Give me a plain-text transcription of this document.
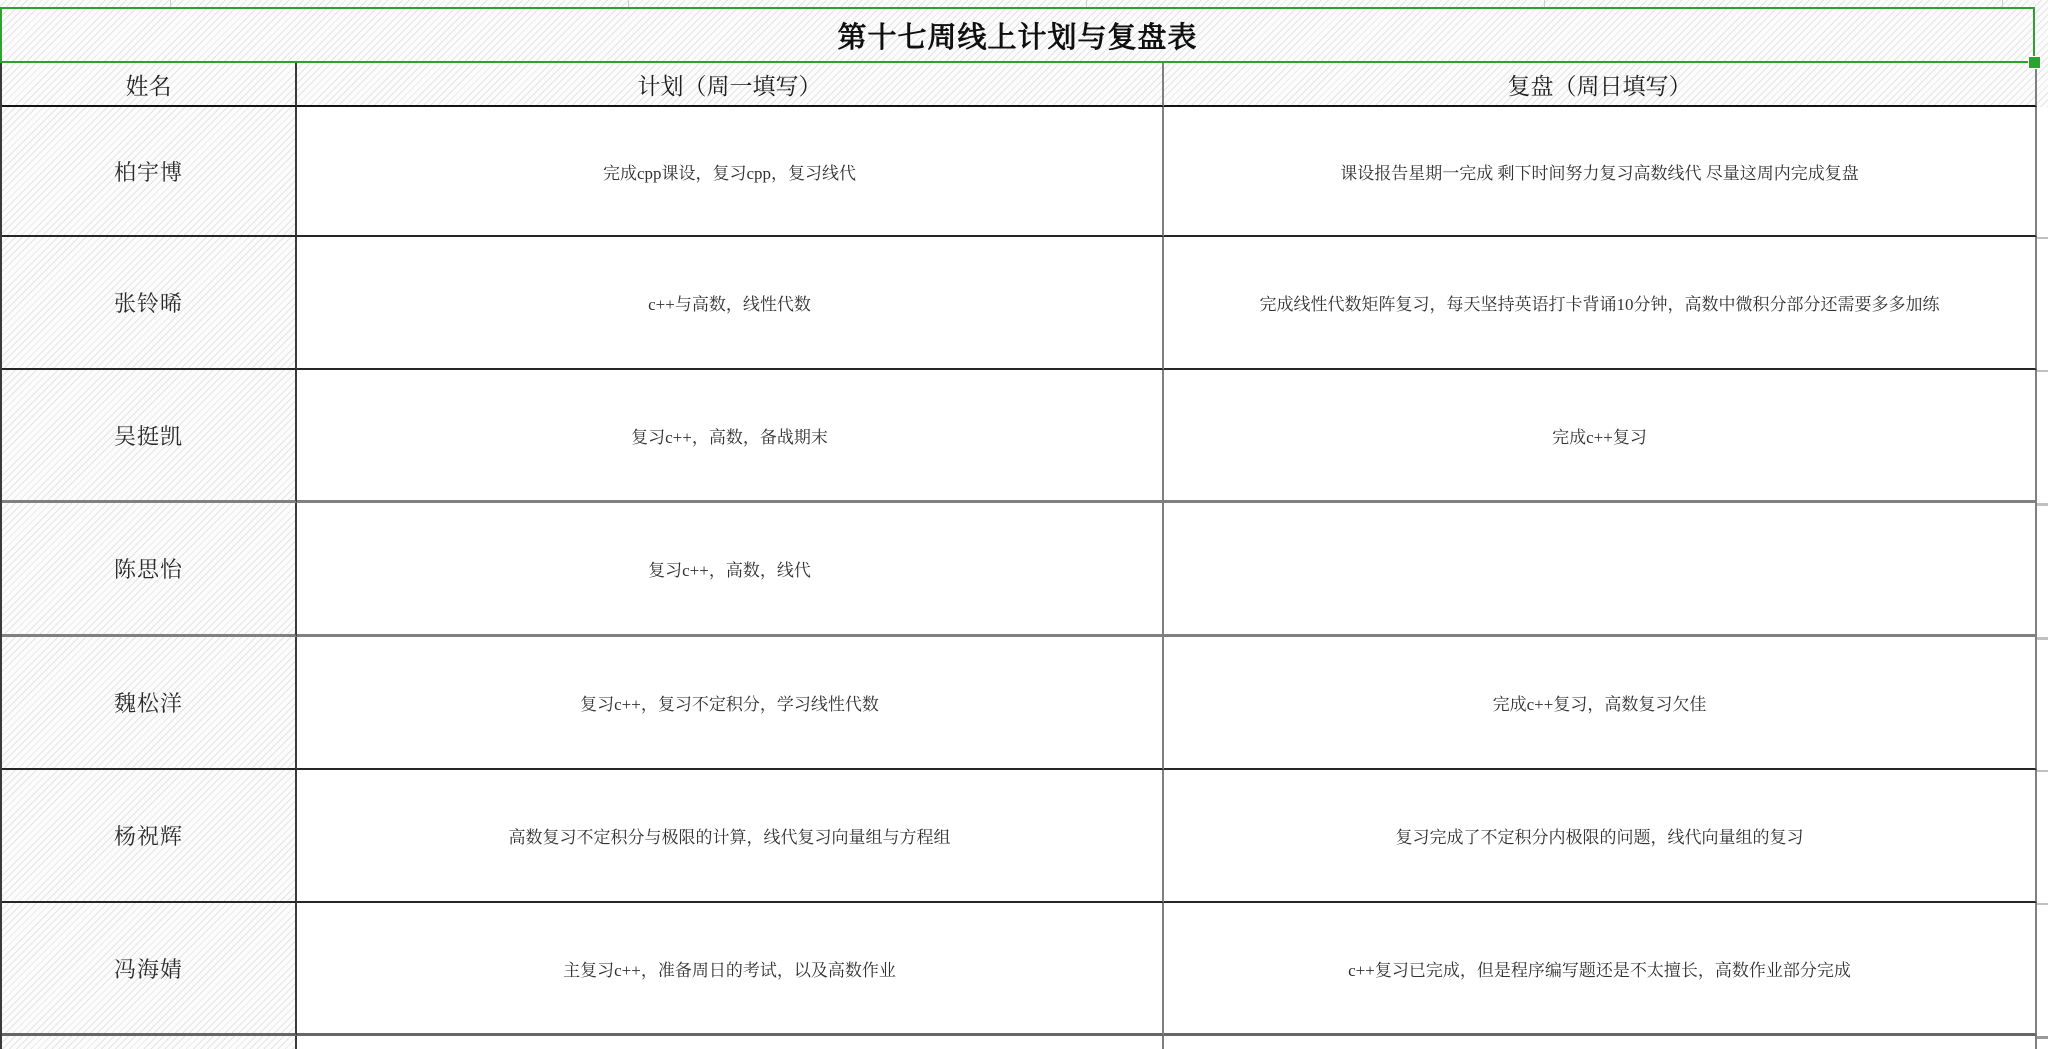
第十七周线上计划与复盘表
姓名	计划（周一填写）	复盘（周日填写）
柏宇博	完成cpp课设，复习cpp，复习线代	课设报告星期一完成 剩下时间努力复习高数线代 尽量这周内完成复盘
张铃晞	c++与高数，线性代数	完成线性代数矩阵复习，每天坚持英语打卡背诵10分钟，高数中微积分部分还需要多多加练
吴挺凯	复习c++，高数，备战期末	完成c++复习
陈思怡	复习c++，高数，线代
魏松洋	复习c++，复习不定积分，学习线性代数	完成c++复习，高数复习欠佳
杨祝辉	高数复习不定积分与极限的计算，线代复习向量组与方程组	复习完成了不定积分内极限的问题，线代向量组的复习
冯海婧	主复习c++，准备周日的考试，以及高数作业	c++复习已完成，但是程序编写题还是不太擅长，高数作业部分完成
